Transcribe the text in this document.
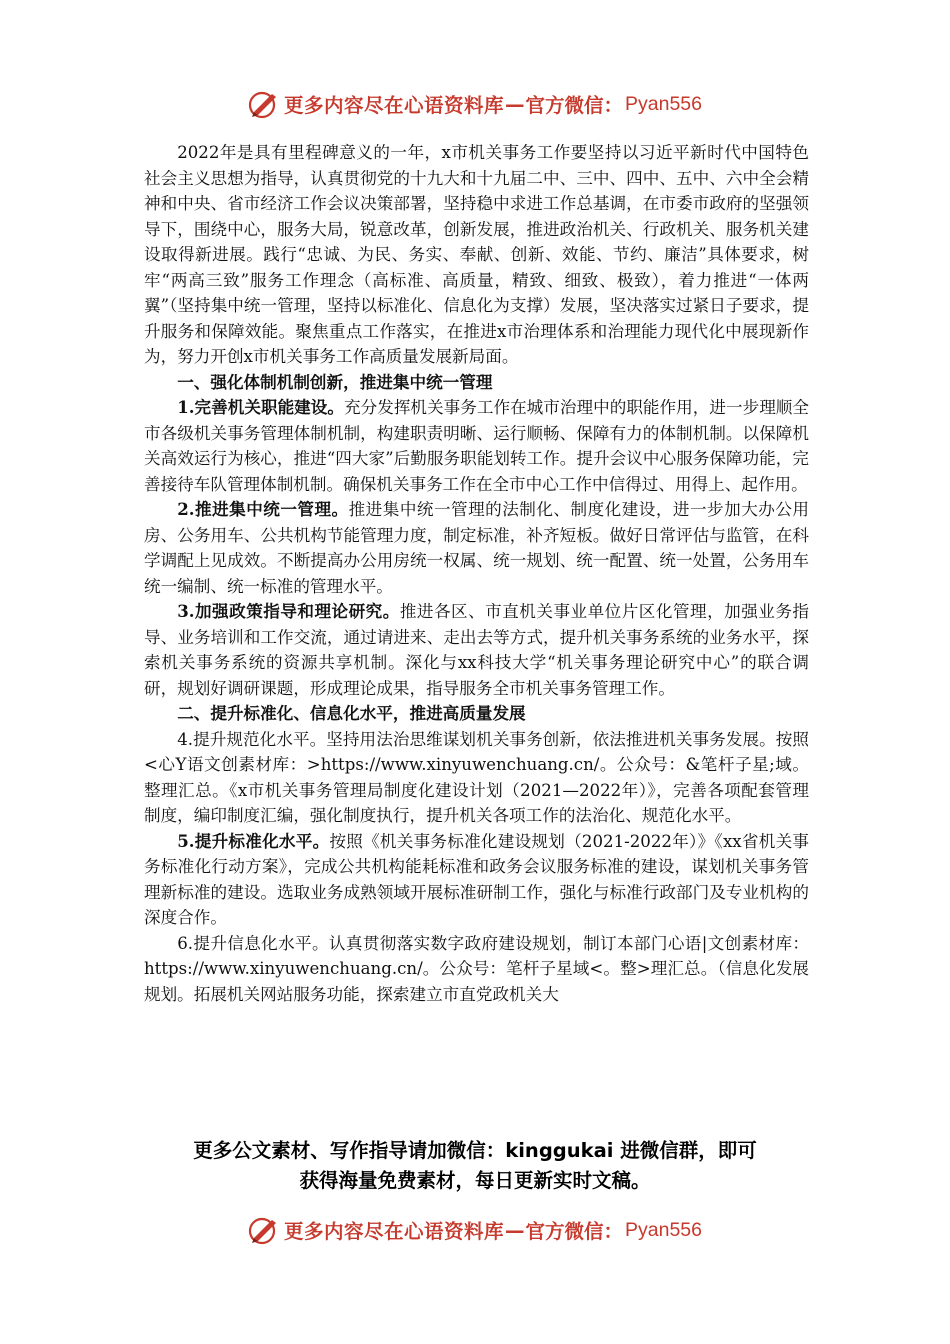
更多内容尽在心语资料库 — 官方微信： Pyan556

2022年是具有里程碑意义的一年，x市机关事务工作要坚持以习近平新时代中国特色社会主义思想为指导，认真贯彻党的十九大和十九届二中、三中、四中、五中、六中全会精神和中央、省市经济工作会议决策部署，坚持稳中求进工作总基调，在市委市政府的坚强领导下，围绕中心，服务大局，锐意改革，创新发展，推进政治机关、行政机关、服务机关建设取得新进展。践行“忠诚、为民、务实、奉献、创新、效能、节约、廉洁”具体要求，树牢“两高三致”服务工作理念（高标准、高质量，精致、细致、极致），着力推进“一体两翼”（坚持集中统一管理，坚持以标准化、信息化为支撑）发展，坚决落实过紧日子要求，提升服务和保障效能。聚焦重点工作落实，在推进x市治理体系和治理能力现代化中展现新作为，努力开创x市机关事务工作高质量发展新局面。

一、强化体制机制创新，推进集中统一管理

1.完善机关职能建设。充分发挥机关事务工作在城市治理中的职能作用，进一步理顺全市各级机关事务管理体制机制，构建职责明晰、运行顺畅、保障有力的体制机制。以保障机关高效运行为核心，推进“四大家”后勤服务职能划转工作。提升会议中心服务保障功能，完善接待车队管理体制机制。确保机关事务工作在全市中心工作中信得过、用得上、起作用。

2.推进集中统一管理。推进集中统一管理的法制化、制度化建设，进一步加大办公用房、公务用车、公共机构节能管理力度，制定标准，补齐短板。做好日常评估与监管，在科学调配上见成效。不断提高办公用房统一权属、统一规划、统一配置、统一处置，公务用车统一编制、统一标准的管理水平。

3.加强政策指导和理论研究。推进各区、市直机关事业单位片区化管理，加强业务指导、业务培训和工作交流，通过请进来、走出去等方式，提升机关事务系统的业务水平，探索机关事务系统的资源共享机制。深化与xx科技大学“机关事务理论研究中心”的联合调研，规划好调研课题，形成理论成果，指导服务全市机关事务管理工作。

二、提升标准化、信息化水平，推进高质量发展

4.提升规范化水平。坚持用法治思维谋划机关事务创新，依法推进机关事务发展。按照<心Y语文创素材库：>https://www.xinyuwenchuang.cn/。公众号：&笔杆子星;域。整理汇总。《x市机关事务管理局制度化建设计划（2021—2022年）》，完善各项配套管理制度，编印制度汇编，强化制度执行，提升机关各项工作的法治化、规范化水平。

5.提升标准化水平。按照《机关事务标准化建设规划（2021-2022年）》《xx省机关事务标准化行动方案》，完成公共机构能耗标准和政务会议服务标准的建设，谋划机关事务管理新标准的建设。选取业务成熟领域开展标准研制工作，强化与标准行政部门及专业机构的深度合作。

6.提升信息化水平。认真贯彻落实数字政府建设规划，制订本部门心语|文创素材库：https://www.xinyuwenchuang.cn/。公众号：笔杆子星域<。整>理汇总。（信息化发展规划。拓展机关网站服务功能，探索建立市直党政机关大

更多公文素材、写作指导请加微信：kinggukai 进微信群，即可
获得海量免费素材，每日更新实时文稿。
更多内容尽在心语资料库 — 官方微信： Pyan556
